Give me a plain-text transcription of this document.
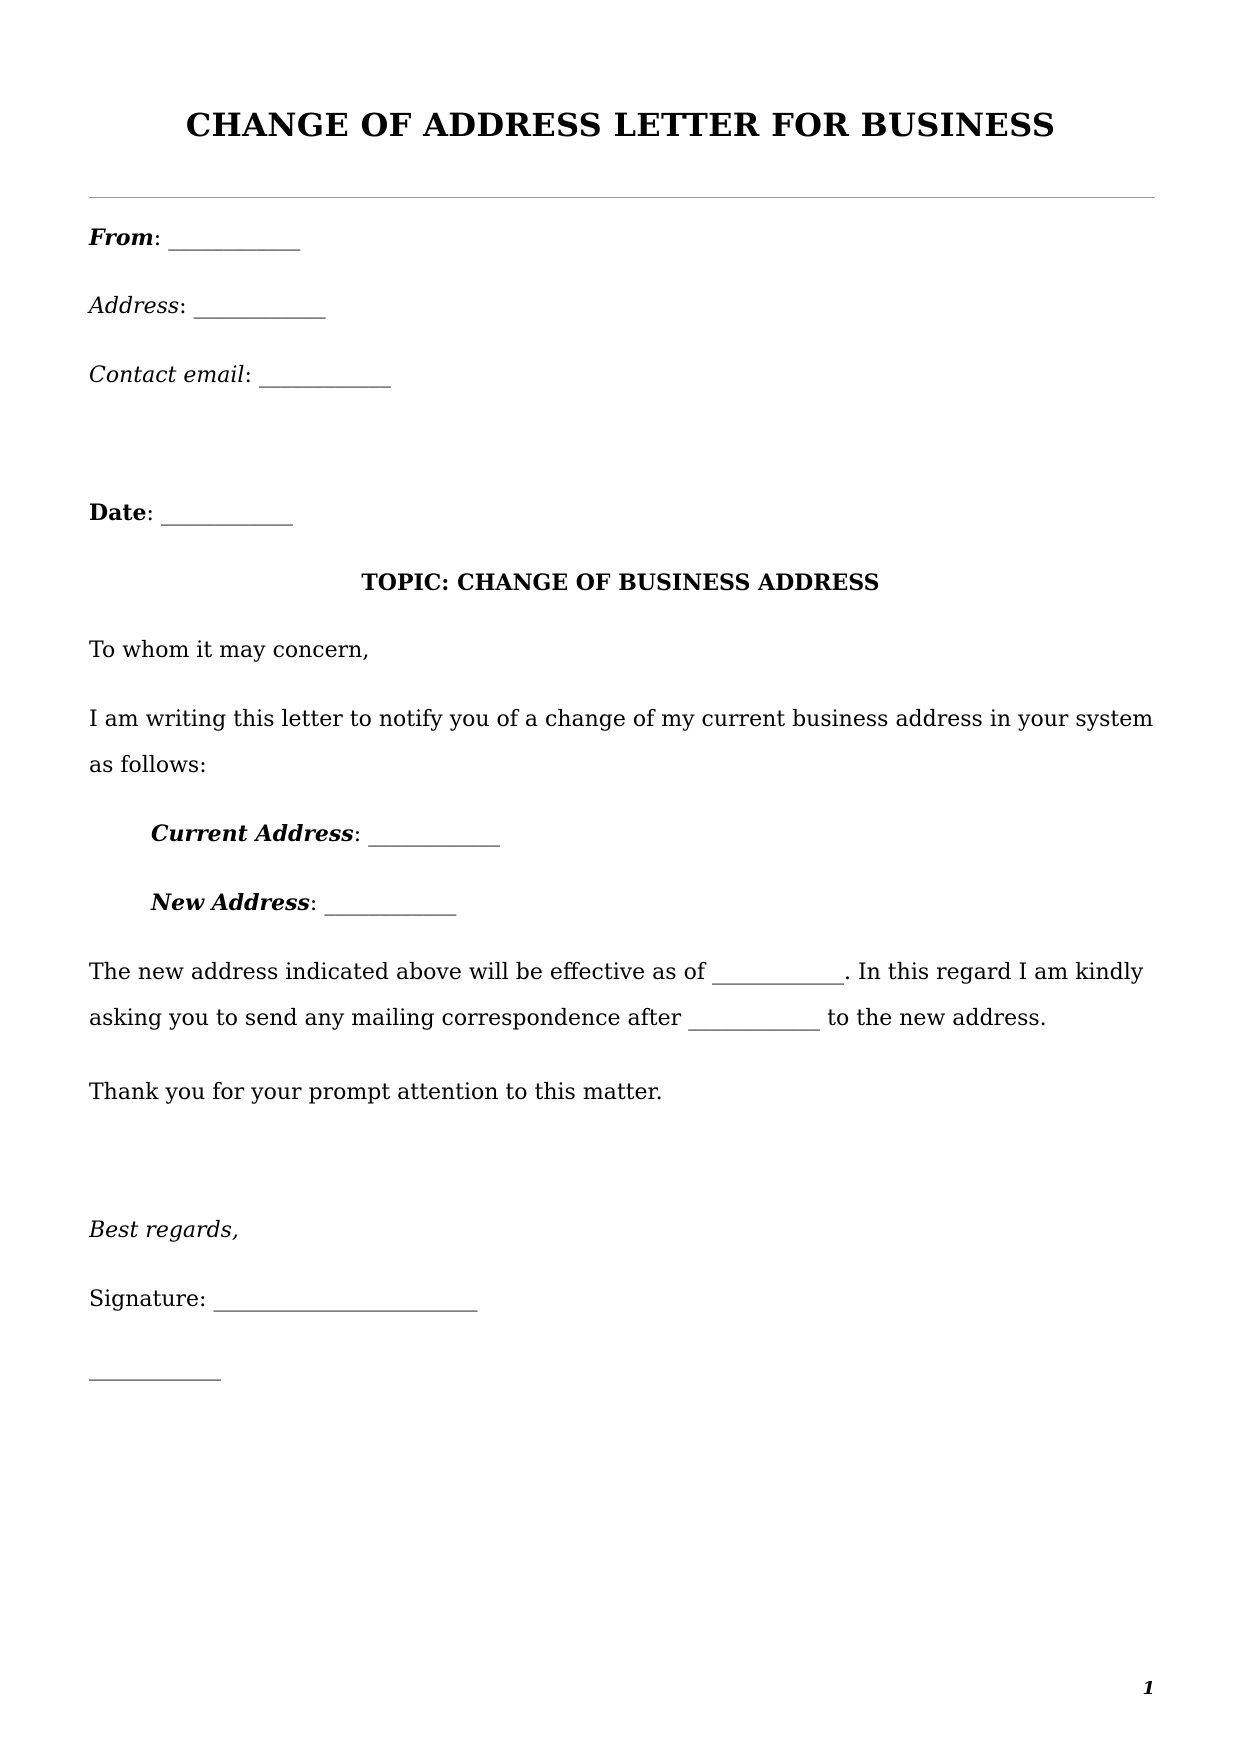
CHANGE OF ADDRESS LETTER FOR BUSINESS
From: ____________
Address: ____________
Contact email: ____________
Date: ____________
TOPIC: CHANGE OF BUSINESS ADDRESS
To whom it may concern,
I am writing this letter to notify you of a change of my current business address in your system as follows:
Current Address: ____________
New Address: ____________
The new address indicated above will be effective as of ____________. In this regard I am kindly asking you to send any mailing correspondence after ____________ to the new address.
Thank you for your prompt attention to this matter.
Best regards,
Signature: ________________________
____________
1
